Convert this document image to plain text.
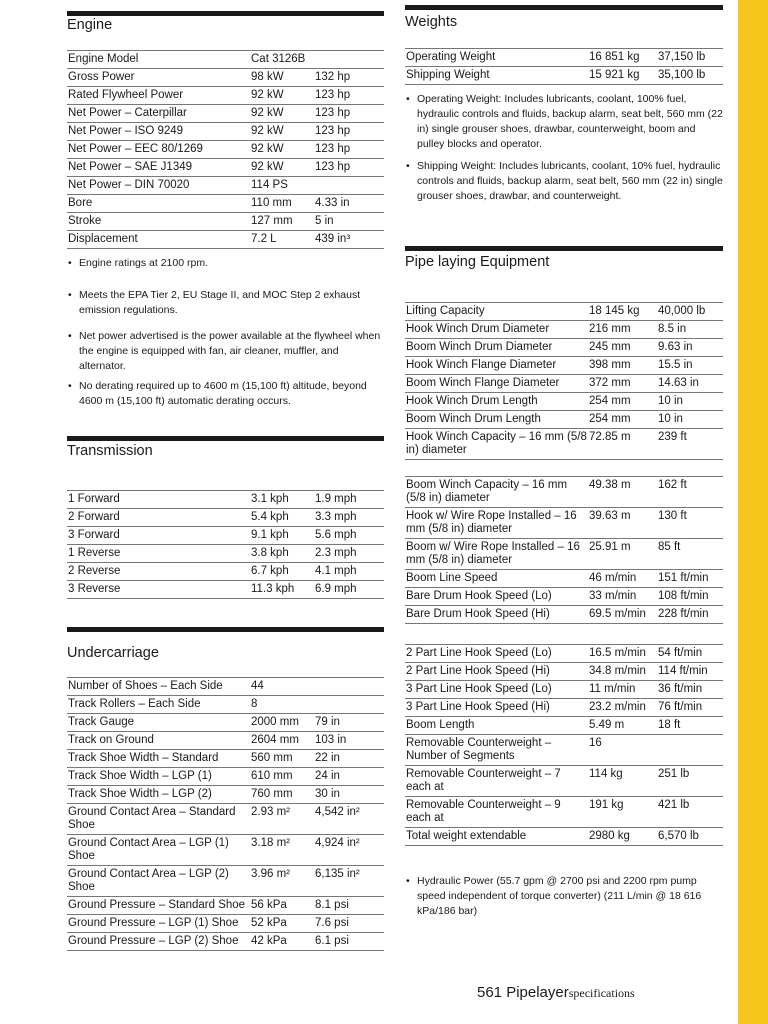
Engine
Engine Model	Cat 3126B	
Gross Power	98 kW	132 hp
Rated Flywheel Power	92 kW	123 hp
Net Power – Caterpillar	92 kW	123 hp
Net Power – ISO 9249	92 kW	123 hp
Net Power – EEC 80/1269	92 kW	123 hp
Net Power – SAE J1349	92 kW	123 hp
Net Power – DIN 70020	114 PS	
Bore	110 mm	4.33 in
Stroke	127 mm	5 in
Displacement	7.2 L	439 in³
• Engine ratings at 2100 rpm.
• Meets the EPA Tier 2, EU Stage II, and MOC Step 2 exhaust emission regulations.
• Net power advertised is the power available at the flywheel when the engine is equipped with fan, air cleaner, muffler, and alternator.
• No derating required up to 4600 m (15,100 ft) altitude, beyond 4600 m (15,100 ft) automatic derating occurs.
Transmission
1 Forward	3.1 kph	1.9 mph
2 Forward	5.4 kph	3.3 mph
3 Forward	9.1 kph	5.6 mph
1 Reverse	3.8 kph	2.3 mph
2 Reverse	6.7 kph	4.1 mph
3 Reverse	11.3 kph	6.9 mph
Undercarriage
Number of Shoes – Each Side	44	
Track Rollers – Each Side	8	
Track Gauge	2000 mm	79 in
Track on Ground	2604 mm	103 in
Track Shoe Width – Standard	560 mm	22 in
Track Shoe Width – LGP (1)	610 mm	24 in
Track Shoe Width – LGP (2)	760 mm	30 in
Ground Contact Area – Standard Shoe	2.93 m²	4,542 in²
Ground Contact Area – LGP (1) Shoe	3.18 m²	4,924 in²
Ground Contact Area – LGP (2) Shoe	3.96 m²	6,135 in²
Ground Pressure – Standard Shoe	56 kPa	8.1 psi
Ground Pressure – LGP (1) Shoe	52 kPa	7.6 psi
Ground Pressure – LGP (2) Shoe	42 kPa	6.1 psi
Weights
Operating Weight	16 851 kg	37,150 lb
Shipping Weight	15 921 kg	35,100 lb
• Operating Weight: Includes lubricants, coolant, 100% fuel, hydraulic controls and fluids, backup alarm, seat belt, 560 mm (22 in) single grouser shoes, drawbar, counterweight, boom and pulley blocks and operator.
• Shipping Weight: Includes lubricants, coolant, 10% fuel, hydraulic controls and fluids, backup alarm, seat belt, 560 mm (22 in) single grouser shoes, drawbar, and counterweight.
Pipe laying Equipment
Lifting Capacity	18 145 kg	40,000 lb
Hook Winch Drum Diameter	216 mm	8.5 in
Boom Winch Drum Diameter	245 mm	9.63 in
Hook Winch Flange Diameter	398 mm	15.5 in
Boom Winch Flange Diameter	372 mm	14.63 in
Hook Winch Drum Length	254 mm	10 in
Boom Winch Drum Length	254 mm	10 in
Hook Winch Capacity – 16 mm (5/8 in) diameter	72.85 m	239 ft
Boom Winch Capacity – 16 mm (5/8 in) diameter	49.38 m	162 ft
Hook w/ Wire Rope Installed – 16 mm (5/8 in) diameter	39.63 m	130 ft
Boom w/ Wire Rope Installed – 16 mm (5/8 in) diameter	25.91 m	85 ft
Boom Line Speed	46 m/min	151 ft/min
Bare Drum Hook Speed (Lo)	33 m/min	108 ft/min
Bare Drum Hook Speed (Hi)	69.5 m/min	228 ft/min
2 Part Line Hook Speed (Lo)	16.5 m/min	54 ft/min
2 Part Line Hook Speed (Hi)	34.8 m/min	114 ft/min
3 Part Line Hook Speed (Lo)	11 m/min	36 ft/min
3 Part Line Hook Speed (Hi)	23.2 m/min	76 ft/min
Boom Length	5.49 m	18 ft
Removable Counterweight – Number of Segments	16	
Removable Counterweight – 7 each at	114 kg	251 lb
Removable Counterweight – 9 each at	191 kg	421 lb
Total weight extendable	2980 kg	6,570 lb
• Hydraulic Power (55.7 gpm @ 2700 psi and 2200 rpm pump speed independent of torque converter) (211 L/min @ 18 616 kPa/186 bar)
561 Pipelayerspecifications
